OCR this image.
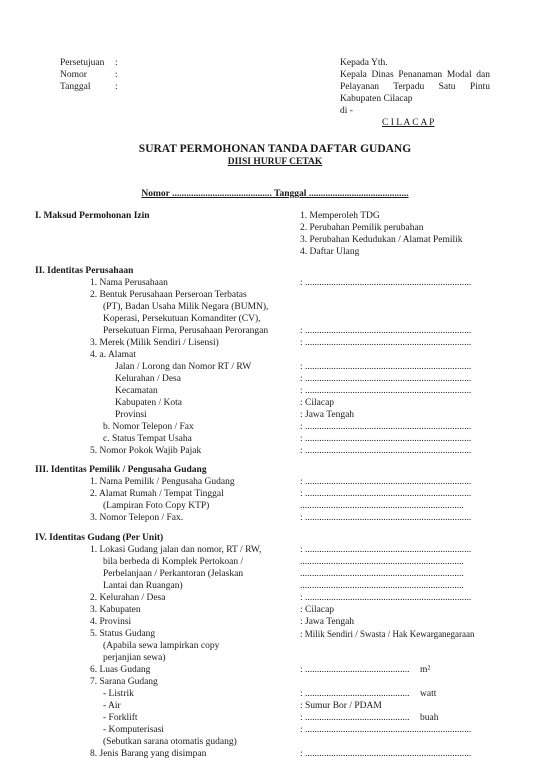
Persetujuan :
Nomor	:
Tanggal	:
Kepada Yth.
Kepala Dinas Penanaman Modal dan
Pelayanan Terpadu Satu Pintu
Kabupaten Cilacap
di -
C I L A C A P
SURAT PERMOHONAN TANDA DAFTAR GUDANG
DIISI HURUF CETAK
Nomor .......................................... Tanggal ..........................................
I. Maksud Permohonan Izin	1. Memperoleh TDG
2. Perubahan Pemilik perubahan
3. Perubahan Kedudukan / Alamat Pemilik
4. Daftar Ulang
II. Identitas Perusahaan
1. Nama Perusahaan	: ......................................................................
2. Bentuk Perusahaan Perseroan Terbatas
(PT), Badan Usaha Milik Negara (BUMN),
Koperasi, Persekutuan Komanditer (CV),
Persekutuan Firma, Perusahaan Perorangan	: ......................................................................
3. Merek (Milik Sendiri / Lisensi)	: ......................................................................
4. a. Alamat
Jalan / Lorong dan Nomor RT / RW	: ......................................................................
Kelurahan / Desa	: ......................................................................
Kecamatan	: ......................................................................
Kabupaten / Kota	: Cilacap
Provinsi	: Jawa Tengah
b. Nomor Telepon / Fax	: ......................................................................
c. Status Tempat Usaha	: ......................................................................
5. Nomor Pokok Wajib Pajak	: ......................................................................
III. Identitas Pemilik / Pengusaha Gudang
1. Nama Pemilik / Pengusaha Gudang	: ......................................................................
2. Alamat Rumah / Tempat Tinggal	: ......................................................................
(Lampiran Foto Copy KTP)	.....................................................................
3. Nomor Telepon / Fax.	: ......................................................................
IV. Identitas Gudang (Per Unit)
1. Lokasi Gudang jalan dan nomor, RT / RW,	: ......................................................................
bila berbeda di Komplek Pertokoan /	.....................................................................
Perbelanjaan / Perkantoran (Jelaskan	.....................................................................
Lantai dan Ruangan)	.....................................................................
2. Kelurahan / Desa	: ......................................................................
3. Kabupaten	: Cilacap
4. Provinsi	: Jawa Tengah
5. Status Gudang	: Milik Sendiri / Swasta / Hak Kewarganegaraan
(Apabila sewa lampirkan copy
perjanjian sewa)
6. Luas Gudang	: ............................................	m²
7. Sarana Gudang
- Listrik	: ............................................	watt
- Air	: Sumur Bor / PDAM
- Forklift	: ............................................	buah
- Komputerisasi	: ......................................................................
(Sebutkan sarana otomatis gudang)
8. Jenis Barang yang disimpan	: ......................................................................
